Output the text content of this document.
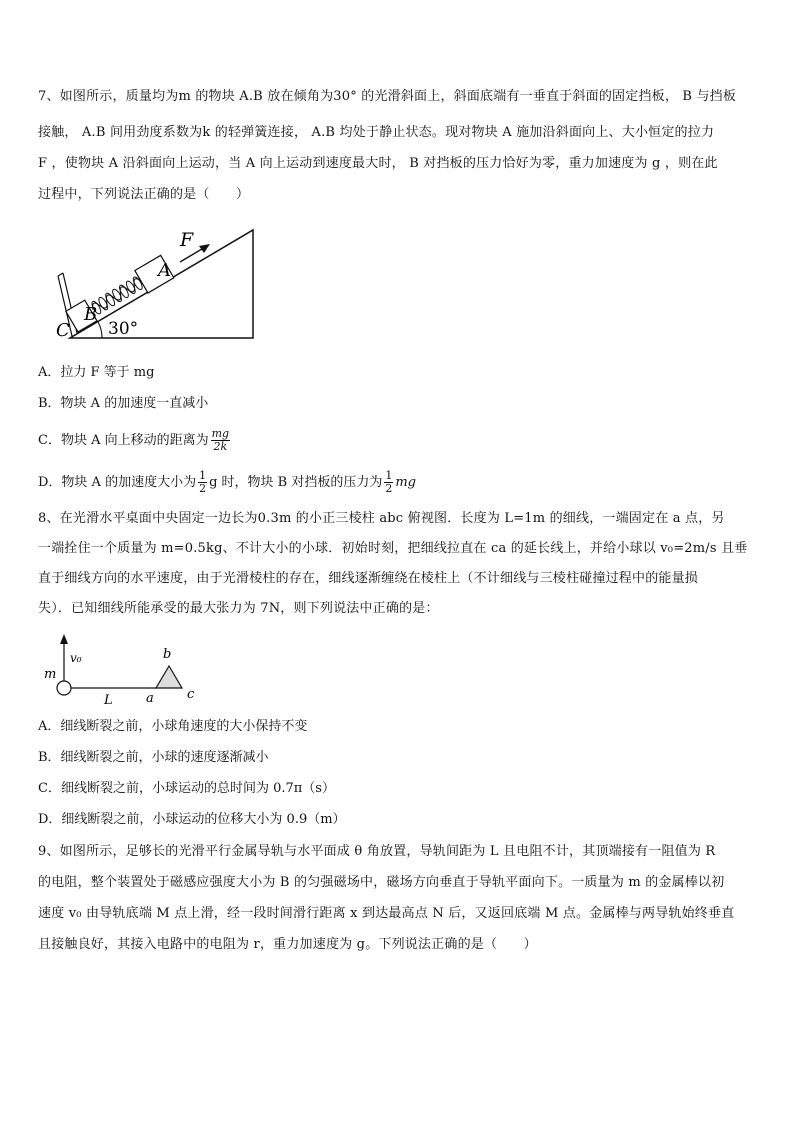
7、如图所示，质量均为m 的物块 A.B 放在倾角为30° 的光滑斜面上，斜面底端有一垂直于斜面的固定挡板， B 与挡板
接触， A.B 间用劲度系数为k 的轻弹簧连接， A.B 均处于静止状态。现对物块 A 施加沿斜面向上、大小恒定的拉力
F ，使物块 A 沿斜面向上运动，当 A 向上运动到速度最大时， B 对挡板的压力恰好为零，重力加速度为 g ，则在此
过程中，下列说法正确的是（　　）
F
A
B
C 30°
A．拉力 F 等于 mg
B．物块 A 的加速度一直减小
C．物块 A 向上移动的距离为 $\frac{mg}{2k}$
D．物块 A 的加速度大小为 $\frac{1}{2}$ g 时，物块 B 对挡板的压力为 $\frac{1}{2}$ mg
8、在光滑水平桌面中央固定一边长为0.3m 的小正三棱柱 abc 俯视图．长度为 L=1m 的细线，一端固定在 a 点，另
一端拴住一个质量为 m=0.5kg、不计大小的小球．初始时刻，把细线拉直在 ca 的延长线上，并给小球以 v₀=2m/s 且垂
直于细线方向的水平速度，由于光滑棱柱的存在，细线逐渐缠绕在棱柱上（不计细线与三棱柱碰撞过程中的能量损
失）．已知细线所能承受的最大张力为 7N，则下列说法中正确的是：
v₀
m
L	a
b
c
A．细线断裂之前，小球角速度的大小保持不变
B．细线断裂之前，小球的速度逐渐减小
C．细线断裂之前，小球运动的总时间为 0.7π（s）
D．细线断裂之前，小球运动的位移大小为 0.9（m）
9、如图所示，足够长的光滑平行金属导轨与水平面成 θ 角放置，导轨间距为 L 且电阻不计，其顶端接有一阻值为 R
的电阻，整个装置处于磁感应强度大小为 B 的匀强磁场中，磁场方向垂直于导轨平面向下。一质量为 m 的金属棒以初
速度 v₀ 由导轨底端 M 点上滑，经一段时间滑行距离 x 到达最高点 N 后，又返回底端 M 点。金属棒与两导轨始终垂直
且接触良好，其接入电路中的电阻为 r，重力加速度为 g。下列说法正确的是（　　）
